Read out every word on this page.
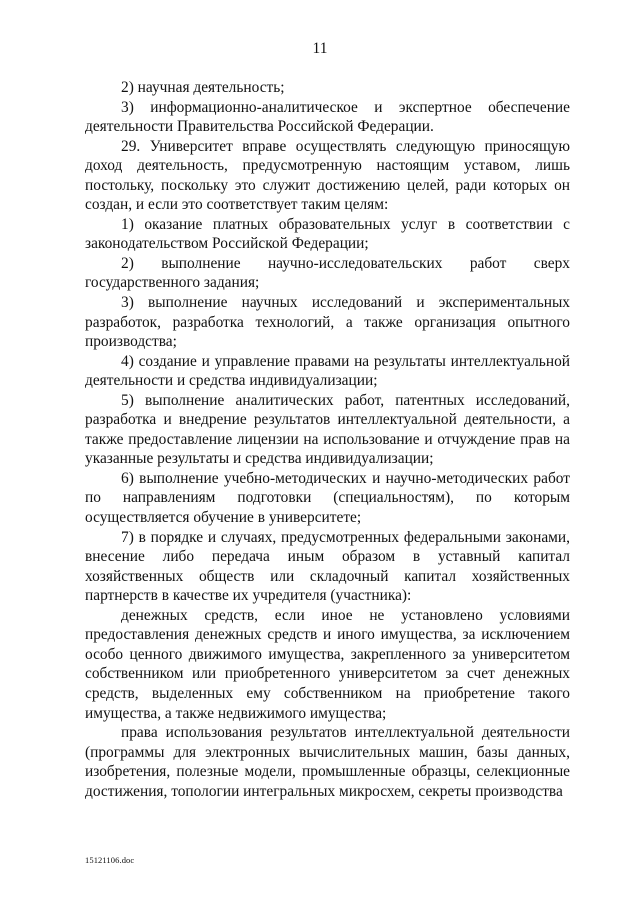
11

2) научная деятельность;

3) информационно-аналитическое и экспертное обеспечение деятельности Правительства Российской Федерации.

29. Университет вправе осуществлять следующую приносящую доход деятельность, предусмотренную настоящим уставом, лишь постольку, поскольку это служит достижению целей, ради которых он создан, и если это соответствует таким целям:

1) оказание платных образовательных услуг в соответствии с законодательством Российской Федерации;

2) выполнение научно-исследовательских работ сверх государственного задания;

3) выполнение научных исследований и экспериментальных разработок, разработка технологий, а также организация опытного производства;

4) создание и управление правами на результаты интеллектуальной деятельности и средства индивидуализации;

5) выполнение аналитических работ, патентных исследований, разработка и внедрение результатов интеллектуальной деятельности, а также предоставление лицензии на использование и отчуждение прав на указанные результаты и средства индивидуализации;

6) выполнение учебно-методических и научно-методических работ по направлениям подготовки (специальностям), по которым осуществляется обучение в университете;

7) в порядке и случаях, предусмотренных федеральными законами, внесение либо передача иным образом в уставный капитал хозяйственных обществ или складочный капитал хозяйственных партнерств в качестве их учредителя (участника):

денежных средств, если иное не установлено условиями предоставления денежных средств и иного имущества, за исключением особо ценного движимого имущества, закрепленного за университетом собственником или приобретенного университетом за счет денежных средств, выделенных ему собственником на приобретение такого имущества, а также недвижимого имущества;

права использования результатов интеллектуальной деятельности (программы для электронных вычислительных машин, базы данных, изобретения, полезные модели, промышленные образцы, селекционные достижения, топологии интегральных микросхем, секреты производства

15121106.doc
